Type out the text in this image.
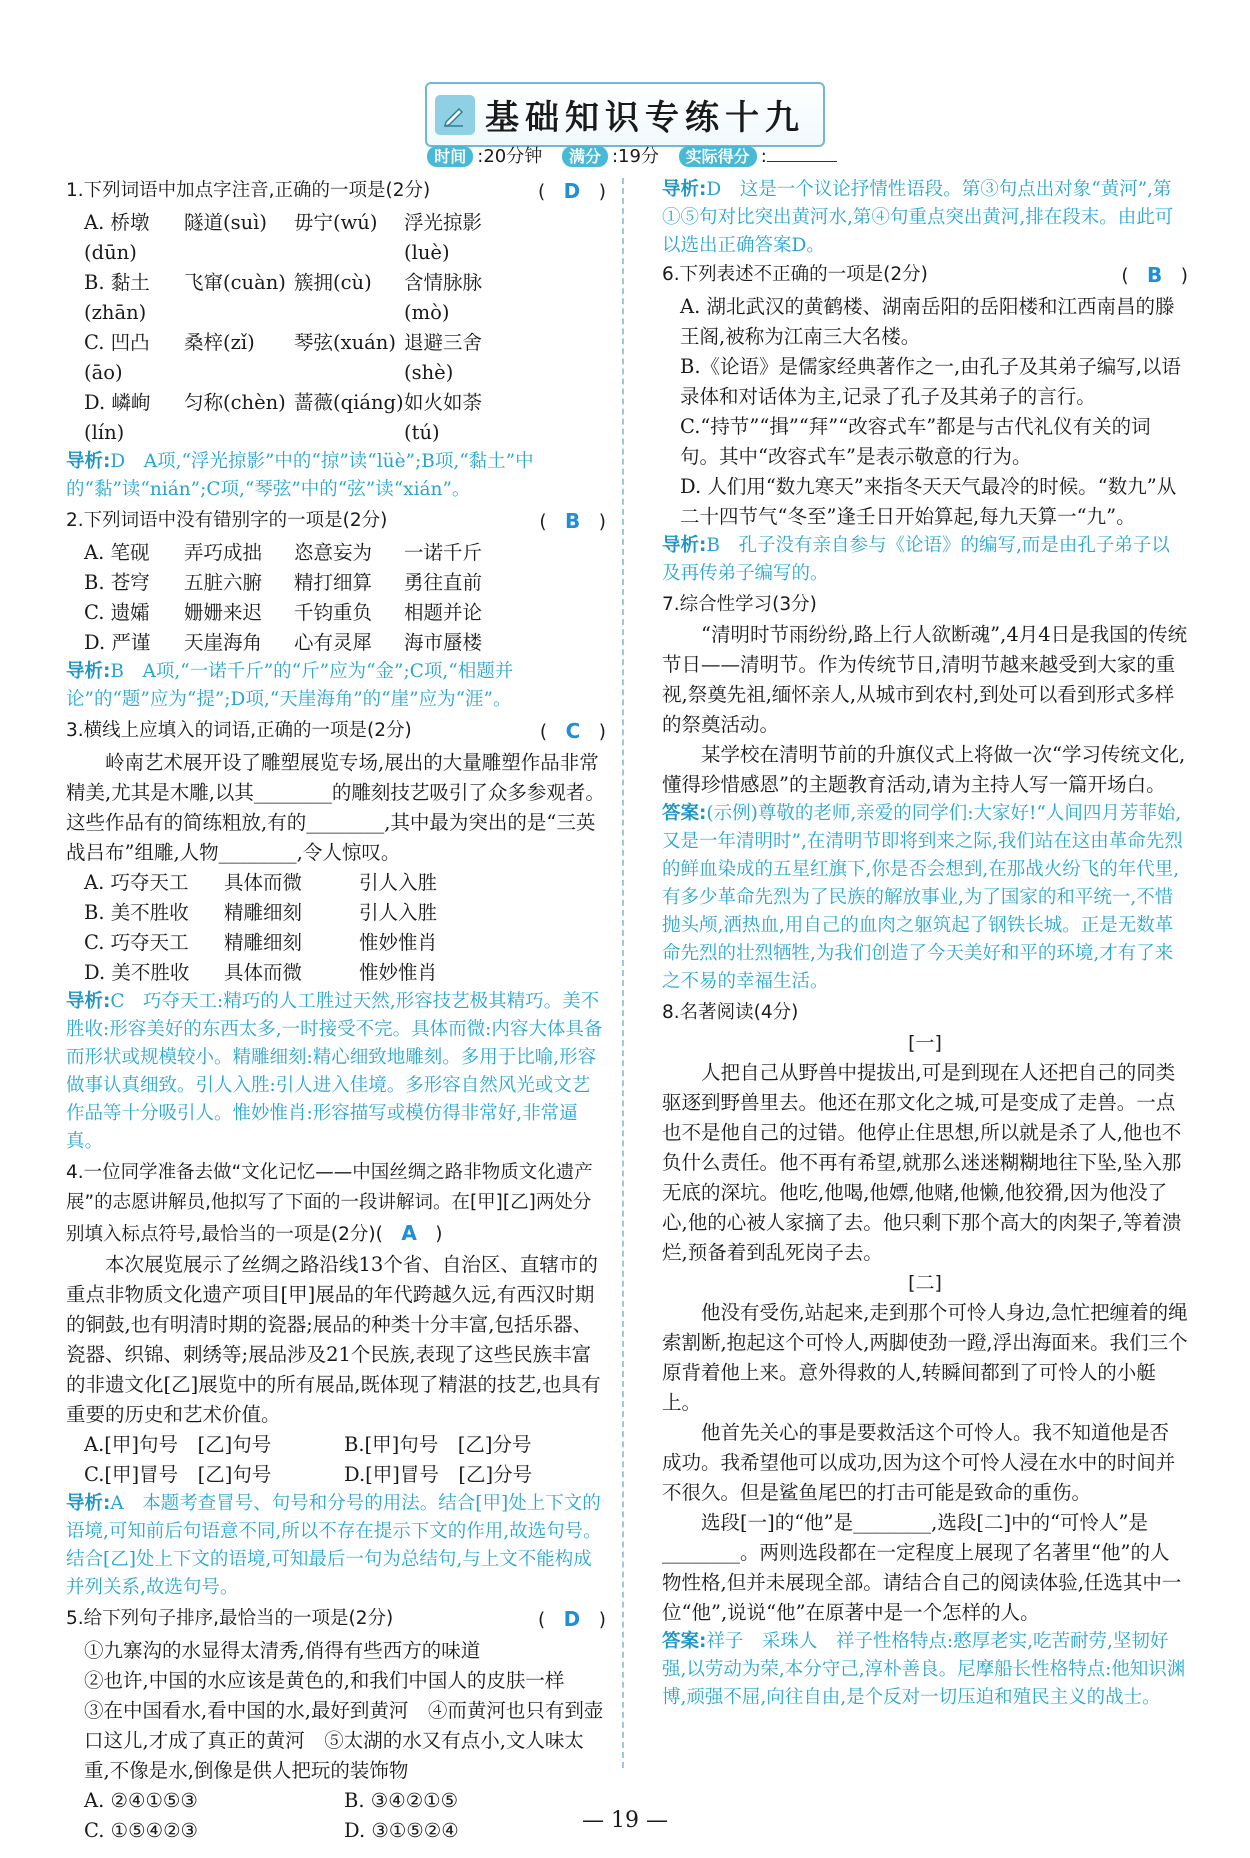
基础知识专练十九
时间 :20分钟 满分 :19分 实际得分 :
1.下列词语中加点字注音,正确的一项是(2分)	(　D　)
A. 桥墩(dūn)
隧道(suì)	毋宁(wú)	浮光掠影(luè)
B. 黏土(zhān)
飞窜(cuàn) 簇拥(cù)	含情脉脉(mò)
C. 凹凸(āo)
桑梓(zǐ)	琴弦(xuán) 退避三舍(shè)
D. 嶙峋(lín)
匀称(chèn) 蔷薇(qiáng) 如火如荼(tú)
导析:D　A项,“浮光掠影”中的“掠”读“lüè”;B项,“黏土”中的“黏”读“nián”;C项,“琴弦”中的“弦”读“xián”。
2.下列词语中没有错别字的一项是(2分)	(　B　)
A. 笔砚	弄巧成拙	恣意妄为	一诺千斤
B. 苍穹	五脏六腑	精打细算	勇往直前
C. 遗孀	姗姗来迟	千钧重负	相题并论
D. 严谨	天崖海角	心有灵犀	海市蜃楼
导析:B　A项,“一诺千斤”的“斤”应为“金”;C项,“相题并论”的“题”应为“提”;D项,“天崖海角”的“崖”应为“涯”。
3.横线上应填入的词语,正确的一项是(2分)	(　C　)
岭南艺术展开设了雕塑展览专场,展出的大量雕塑作品非常精美,尤其是木雕,以其________的雕刻技艺吸引了众多参观者。这些作品有的简练粗放,有的________,其中最为突出的是“三英战吕布”组雕,人物________,令人惊叹。
A. 巧夺天工	具体而微	引人入胜
B. 美不胜收	精雕细刻	引人入胜
C. 巧夺天工	精雕细刻	惟妙惟肖
D. 美不胜收	具体而微	惟妙惟肖
导析:C　巧夺天工:精巧的人工胜过天然,形容技艺极其精巧。美不胜收:形容美好的东西太多,一时接受不完。具体而微:内容大体具备而形状或规模较小。精雕细刻:精心细致地雕刻。多用于比喻,形容做事认真细致。引人入胜:引人进入佳境。多形容自然风光或文艺作品等十分吸引人。惟妙惟肖:形容描写或模仿得非常好,非常逼真。
4.一位同学准备去做“文化记忆——中国丝绸之路非物质文化遗产展”的志愿讲解员,他拟写了下面的一段讲解词。在[甲][乙]两处分别填入标点符号,最恰当的一项是(2分)(　A　)
本次展览展示了丝绸之路沿线13个省、自治区、直辖市的重点非物质文化遗产项目[甲]展品的年代跨越久远,有西汉时期的铜鼓,也有明清时期的瓷器;展品的种类十分丰富,包括乐器、瓷器、织锦、刺绣等;展品涉及21个民族,表现了这些民族丰富的非遗文化[乙]展览中的所有展品,既体现了精湛的技艺,也具有重要的历史和艺术价值。
A.[甲]句号　[乙]句号	B.[甲]句号　[乙]分号
C.[甲]冒号　[乙]句号	D.[甲]冒号　[乙]分号
导析:A　本题考查冒号、句号和分号的用法。结合[甲]处上下文的语境,可知前后句语意不同,所以不存在提示下文的作用,故选句号。结合[乙]处上下文的语境,可知最后一句为总结句,与上文不能构成并列关系,故选句号。
5.给下列句子排序,最恰当的一项是(2分)	(　D　)
①九寨沟的水显得太清秀,俏得有些西方的味道
②也许,中国的水应该是黄色的,和我们中国人的皮肤一样
③在中国看水,看中国的水,最好到黄河　④而黄河也只有到壶口这儿,才成了真正的黄河　⑤太湖的水又有点小,文人味太重,不像是水,倒像是供人把玩的装饰物
A. ②④①⑤③	B. ③④②①⑤
C. ①⑤④②③	D. ③①⑤②④
导析:D　这是一个议论抒情性语段。第③句点出对象“黄河”,第①⑤句对比突出黄河水,第④句重点突出黄河,排在段末。由此可以选出正确答案D。
6.下列表述不正确的一项是(2分)	(　B　)
A. 湖北武汉的黄鹤楼、湖南岳阳的岳阳楼和江西南昌的滕王阁,被称为江南三大名楼。
B.《论语》是儒家经典著作之一,由孔子及其弟子编写,以语录体和对话体为主,记录了孔子及其弟子的言行。
C.“持节”“揖”“拜”“改容式车”都是与古代礼仪有关的词句。其中“改容式车”是表示敬意的行为。
D. 人们用“数九寒天”来指冬天天气最冷的时候。“数九”从二十四节气“冬至”逢壬日开始算起,每九天算一“九”。
导析:B　孔子没有亲自参与《论语》的编写,而是由孔子弟子以及再传弟子编写的。
7.综合性学习(3分)
“清明时节雨纷纷,路上行人欲断魂”,4月4日是我国的传统节日——清明节。作为传统节日,清明节越来越受到大家的重视,祭奠先祖,缅怀亲人,从城市到农村,到处可以看到形式多样的祭奠活动。
某学校在清明节前的升旗仪式上将做一次“学习传统文化,懂得珍惜感恩”的主题教育活动,请为主持人写一篇开场白。
答案:(示例)尊敬的老师,亲爱的同学们:大家好!“人间四月芳菲始,又是一年清明时”,在清明节即将到来之际,我们站在这由革命先烈的鲜血染成的五星红旗下,你是否会想到,在那战火纷飞的年代里,有多少革命先烈为了民族的解放事业,为了国家的和平统一,不惜抛头颅,洒热血,用自己的血肉之躯筑起了钢铁长城。正是无数革命先烈的壮烈牺牲,为我们创造了今天美好和平的环境,才有了来之不易的幸福生活。
8.名著阅读(4分)
[一]
人把自己从野兽中提拔出,可是到现在人还把自己的同类驱逐到野兽里去。他还在那文化之城,可是变成了走兽。一点也不是他自己的过错。他停止住思想,所以就是杀了人,他也不负什么责任。他不再有希望,就那么迷迷糊糊地往下坠,坠入那无底的深坑。他吃,他喝,他嫖,他赌,他懒,他狡猾,因为他没了心,他的心被人家摘了去。他只剩下那个高大的肉架子,等着溃烂,预备着到乱死岗子去。
[二]
他没有受伤,站起来,走到那个可怜人身边,急忙把缠着的绳索割断,抱起这个可怜人,两脚使劲一蹬,浮出海面来。我们三个原背着他上来。意外得救的人,转瞬间都到了可怜人的小艇上。
他首先关心的事是要救活这个可怜人。我不知道他是否成功。我希望他可以成功,因为这个可怜人浸在水中的时间并不很久。但是鲨鱼尾巴的打击可能是致命的重伤。
选段[一]的“他”是________,选段[二]中的“可怜人”是________。两则选段都在一定程度上展现了名著里“他”的人物性格,但并未展现全部。请结合自己的阅读体验,任选其中一位“他”,说说“他”在原著中是一个怎样的人。
答案:祥子　采珠人　祥子性格特点:憨厚老实,吃苦耐劳,坚韧好强,以劳动为荣,本分守己,淳朴善良。尼摩船长性格特点:他知识渊博,顽强不屈,向往自由,是个反对一切压迫和殖民主义的战士。
— 19 —
